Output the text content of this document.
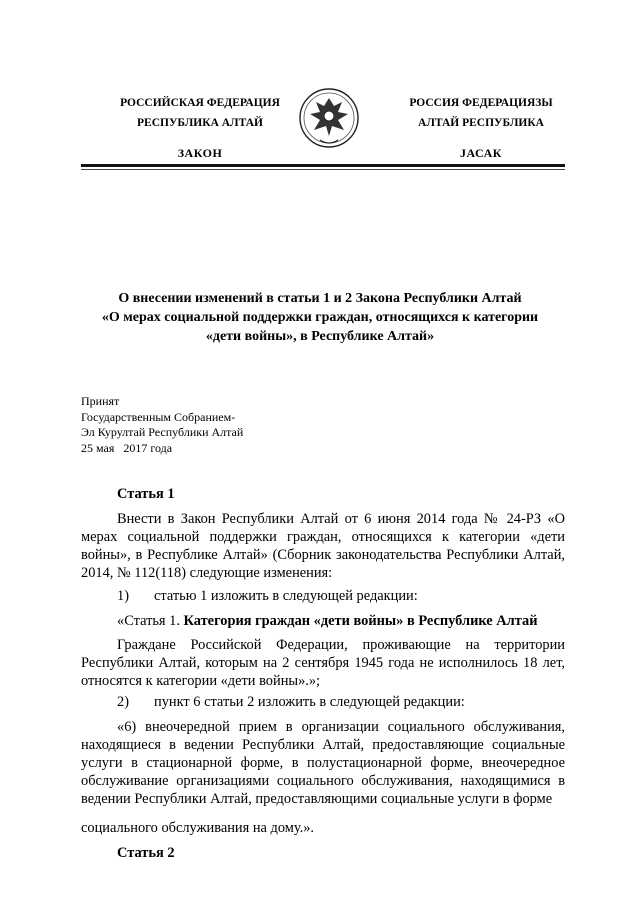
РОССИЙСКАЯ ФЕДЕРАЦИЯ
РЕСПУБЛИКА АЛТАЙ
ЗАКОН
РОССИЯ ФЕДЕРАЦИЯЗЫ
АЛТАЙ РЕСПУБЛИКА
ЈАСАК
О внесении изменений в статьи 1 и 2 Закона Республики Алтай
«О мерах социальной поддержки граждан, относящихся к категории
«дети войны», в Республике Алтай»
Принят
Государственным Собранием-
Эл Курултай Республики Алтай
25 мая   2017 года
Статья 1
Внести в Закон Республики Алтай от 6 июня 2014 года № 24-РЗ «О мерах социальной поддержки граждан, относящихся к категории «дети войны», в Республике Алтай» (Сборник законодательства Республики Алтай, 2014, № 112(118) следующие изменения:
1) статью 1 изложить в следующей редакции:
«Статья 1. Категория граждан «дети войны» в Республике Алтай
Граждане Российской Федерации, проживающие на территории Республики Алтай, которым на 2 сентября 1945 года не исполнилось 18 лет, относятся к категории «дети войны».»;
2) пункт 6 статьи 2 изложить в следующей редакции:
«6) внеочередной прием в организации социального обслуживания, находящиеся в ведении Республики Алтай, предоставляющие социальные услуги в стационарной форме, в полустационарной форме, внеочередное обслуживание организациями социального обслуживания, находящимися в ведении Республики Алтай, предоставляющими социальные услуги в форме
социального обслуживания на дому.».
Статья 2
